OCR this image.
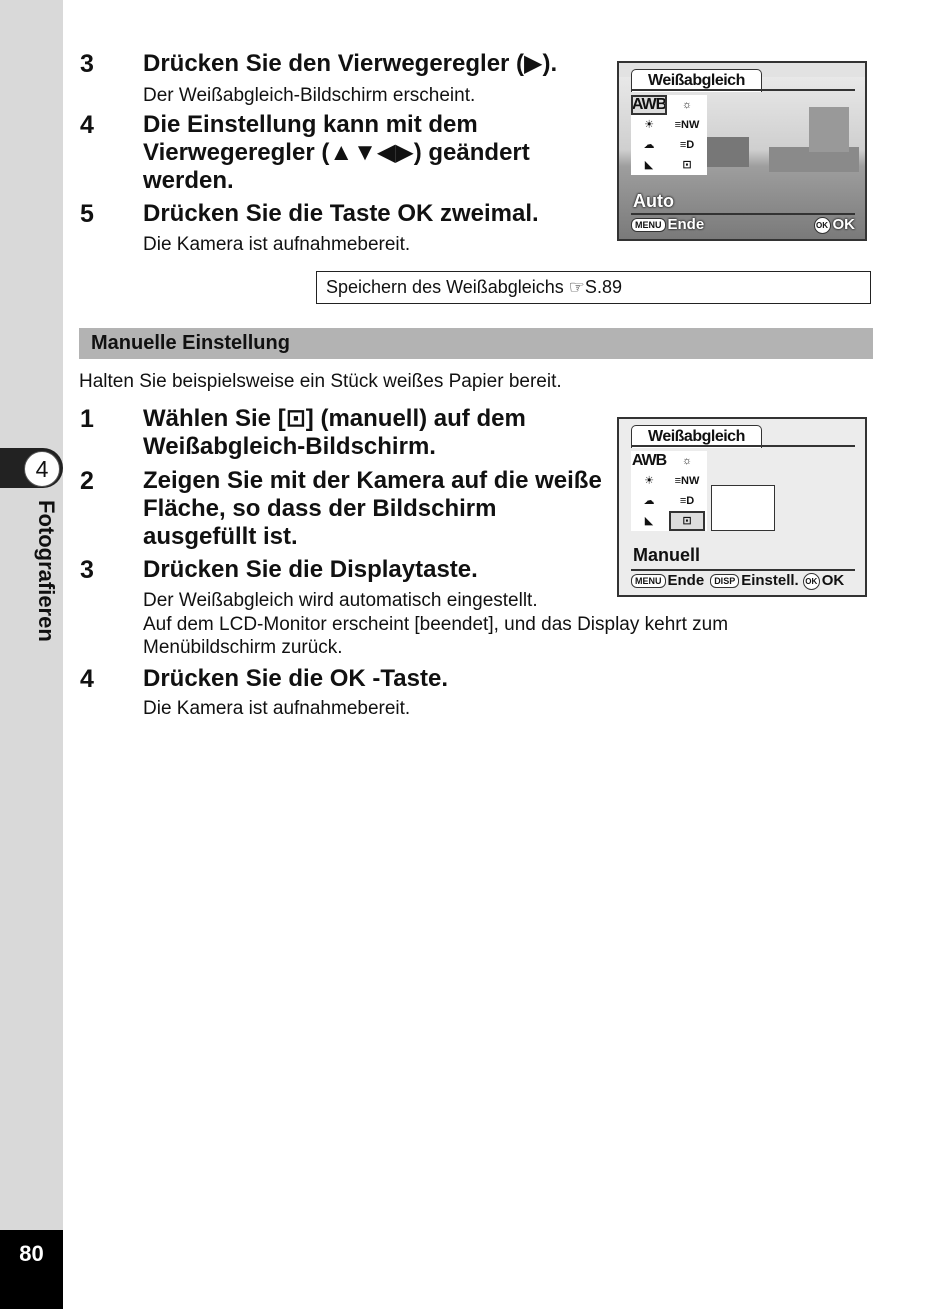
4
Fotografieren
80
3 Drücken Sie den Vierwegeregler (▶).
Der Weißabgleich-Bildschirm erscheint.
4 Die Einstellung kann mit dem Vierwegeregler (▲▼◀▶) geändert werden.
5 Drücken Sie die Taste OK zweimal.
Die Kamera ist aufnahmebereit.
Weißabgleich
AWB	☼
☀	≡NW
☁	≡D
◣	⊡
Auto
MENU Ende	OK OK
Speichern des Weißabgleichs ☞S.89
Manuelle Einstellung
Halten Sie beispielsweise ein Stück weißes Papier bereit.
1 Wählen Sie [⊡] (manuell) auf dem
Weißabgleich-Bildschirm.
2 Zeigen Sie mit der Kamera auf die weiße Fläche, so dass der Bildschirm ausgefüllt ist.
3 Drücken Sie die Displaytaste.
Der Weißabgleich wird automatisch eingestellt.
Auf dem LCD-Monitor erscheint [beendet], und das Display kehrt zum
Menübildschirm zurück.
4 Drücken Sie die OK -Taste.
Die Kamera ist aufnahmebereit.
Weißabgleich
AWB	☼
☀	≡NW
☁	≡D
◣	⊡
Manuell
MENU Ende	DISP Einstell. OK OK
